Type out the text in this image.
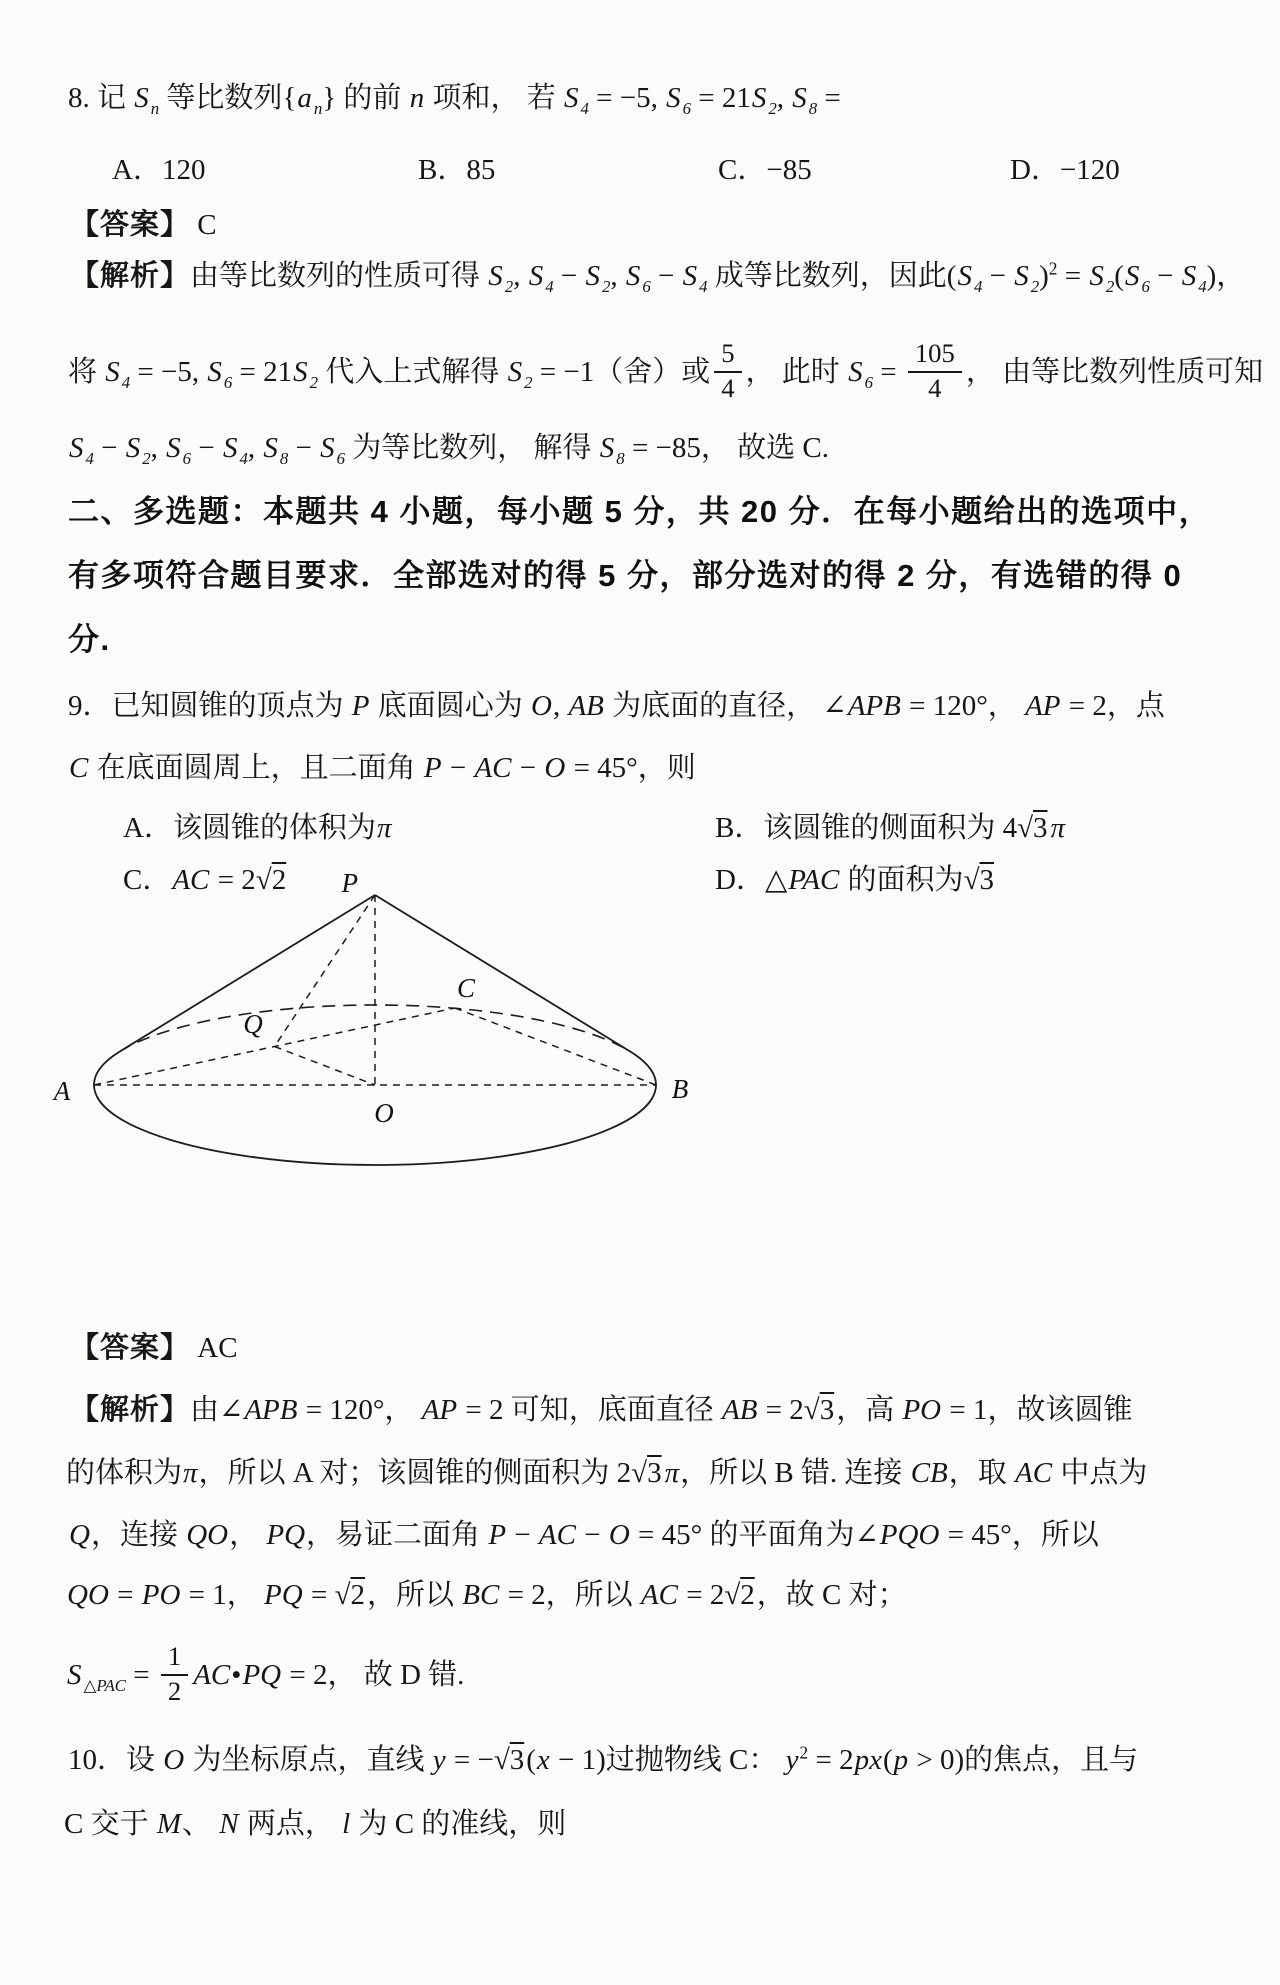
8. 记 S $_n$ 等比数列{a $_n$} 的前 n 项和， 若 S $_4$ = −5, S $_6$ = 21S $_2$, S $_8$ =
A．120	B．85	C．−85	D．−120
【答案】 C
【解析】由等比数列的性质可得 S $_2$, S $_4$ − S $_2$, S $_6$ − S $_4$ 成等比数列，因此(S $_4$ − S $_2$)$^2$ = S $_2$(S $_6$ − S $_4$)，
将 S $_4$ = −5, S $_6$ = 21S $_2$ 代入上式解得 S $_2$ = −1（舍）或 $\frac{5}{4}$ ， 此时 S $_6 = \frac{105}{4}$ ， 由等比数列性质可知
S $_4$ − S $_2$, S $_6$ − S $_4$, S $_8$ − S $_6$ 为等比数列， 解得 S $_8$ = −85， 故选 C.
二、多选题：本题共 4 小题，每小题 5 分，共 20 分．在每小题给出的选项中，
有多项符合题目要求．全部选对的得 5 分，部分选对的得 2 分，有选错的得 0
分.
9．已知圆锥的顶点为 P 底面圆心为 O, AB 为底面的直径， ∠APB = 120°， AP = 2，点
C 在底面圆周上，且二面角 P − AC − O = 45°，则
A．该圆锥的体积为π	B．该圆锥的侧面积为 4√3 π
C．AC = 2√2	D．△PAC 的面积为√3
P
A	B
O
C
Q
【答案】 AC
【解析】由∠APB = 120°， AP = 2 可知，底面直径 AB = 2√3，高 PO = 1，故该圆锥
的体积为π，所以 A 对；该圆锥的侧面积为 2√3 π，所以 B 错. 连接 CB，取 AC 中点为
Q，连接 QO， PQ，易证二面角 P − AC − O = 45° 的平面角为∠PQO = 45°，所以
QO = PO = 1， PQ = √2，所以 BC = 2，所以 AC = 2√2，故 C 对；
S $_{\triangle PAC} = \frac{1}{2}$ AC•PQ = 2， 故 D 错.
10．设 O 为坐标原点，直线 y = −√3(x − 1)过抛物线 C： $y^2 = 2px(p > 0)$的焦点，且与
C 交于 M、 N 两点， l 为 C 的准线，则
